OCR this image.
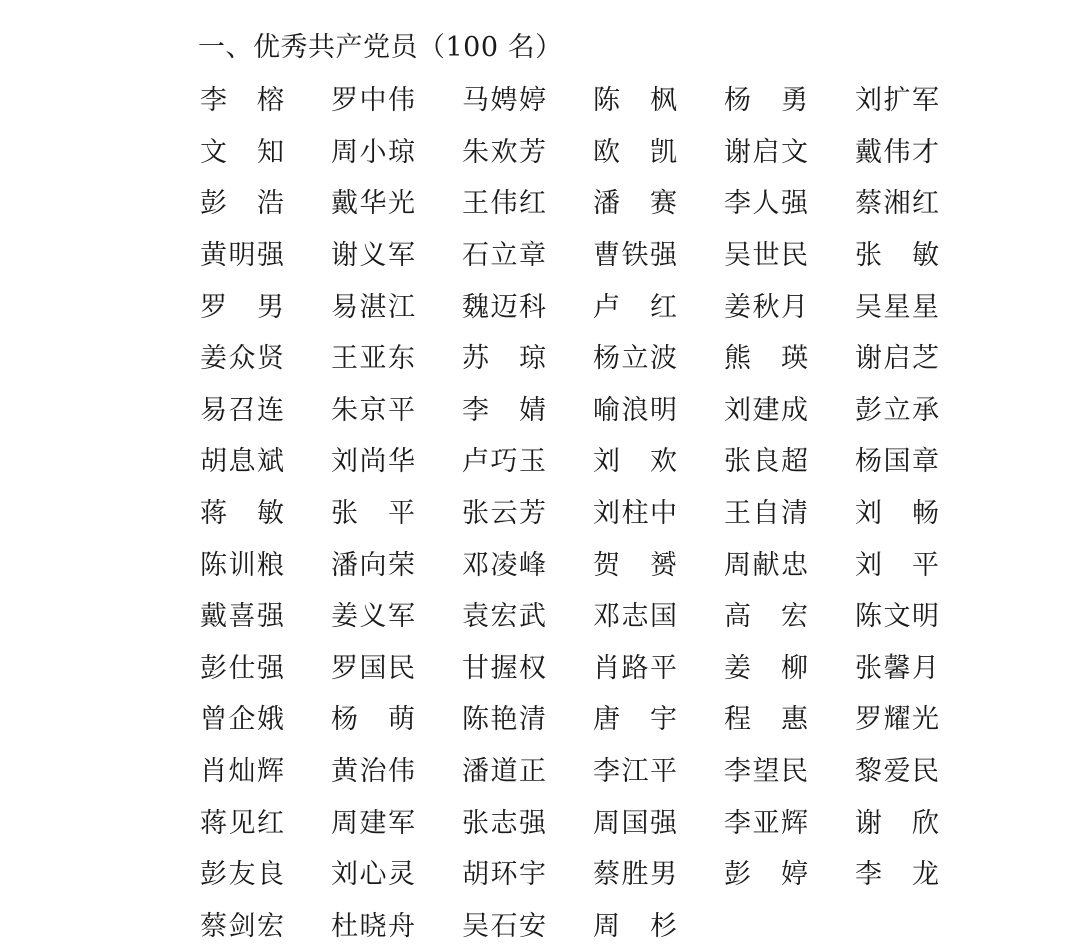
一、优秀共产党员（100 名）
李 榕 罗 中 伟 马 娉 婷 陈 枫 杨 勇 刘 扩 军
文 知 周 小 琼 朱 欢 芳 欧 凯 谢 启 文 戴 伟 才
彭 浩 戴 华 光 王 伟 红 潘 赛 李 人 强 蔡 湘 红
黄 明 强 谢 义 军 石 立 章 曹 铁 强 吴 世 民 张 敏
罗 男 易 湛 江 魏 迈 科 卢 红 姜 秋 月 吴 星 星
姜 众 贤 王 亚 东 苏 琼 杨 立 波 熊 瑛 谢 启 芝
易 召 连 朱 京 平 李 婧 喻 浪 明 刘 建 成 彭 立 承
胡 息 斌 刘 尚 华 卢 巧 玉 刘 欢 张 良 超 杨 国 章
蒋 敏 张 平 张 云 芳 刘 柱 中 王 自 清 刘 畅
陈 训 粮 潘 向 荣 邓 凌 峰 贺 赟 周 献 忠 刘 平
戴 喜 强 姜 义 军 袁 宏 武 邓 志 国 高 宏 陈 文 明
彭 仕 强 罗 国 民 甘 握 权 肖 路 平 姜 柳 张 馨 月
曾 企 娥 杨 萌 陈 艳 清 唐 宇 程 惠 罗 耀 光
肖 灿 辉 黄 治 伟 潘 道 正 李 江 平 李 望 民 黎 爱 民
蒋 见 红 周 建 军 张 志 强 周 国 强 李 亚 辉 谢 欣
彭 友 良 刘 心 灵 胡 环 宇 蔡 胜 男 彭 婷 李 龙
蔡 剑 宏 杜 晓 舟 吴 石 安 周 杉
